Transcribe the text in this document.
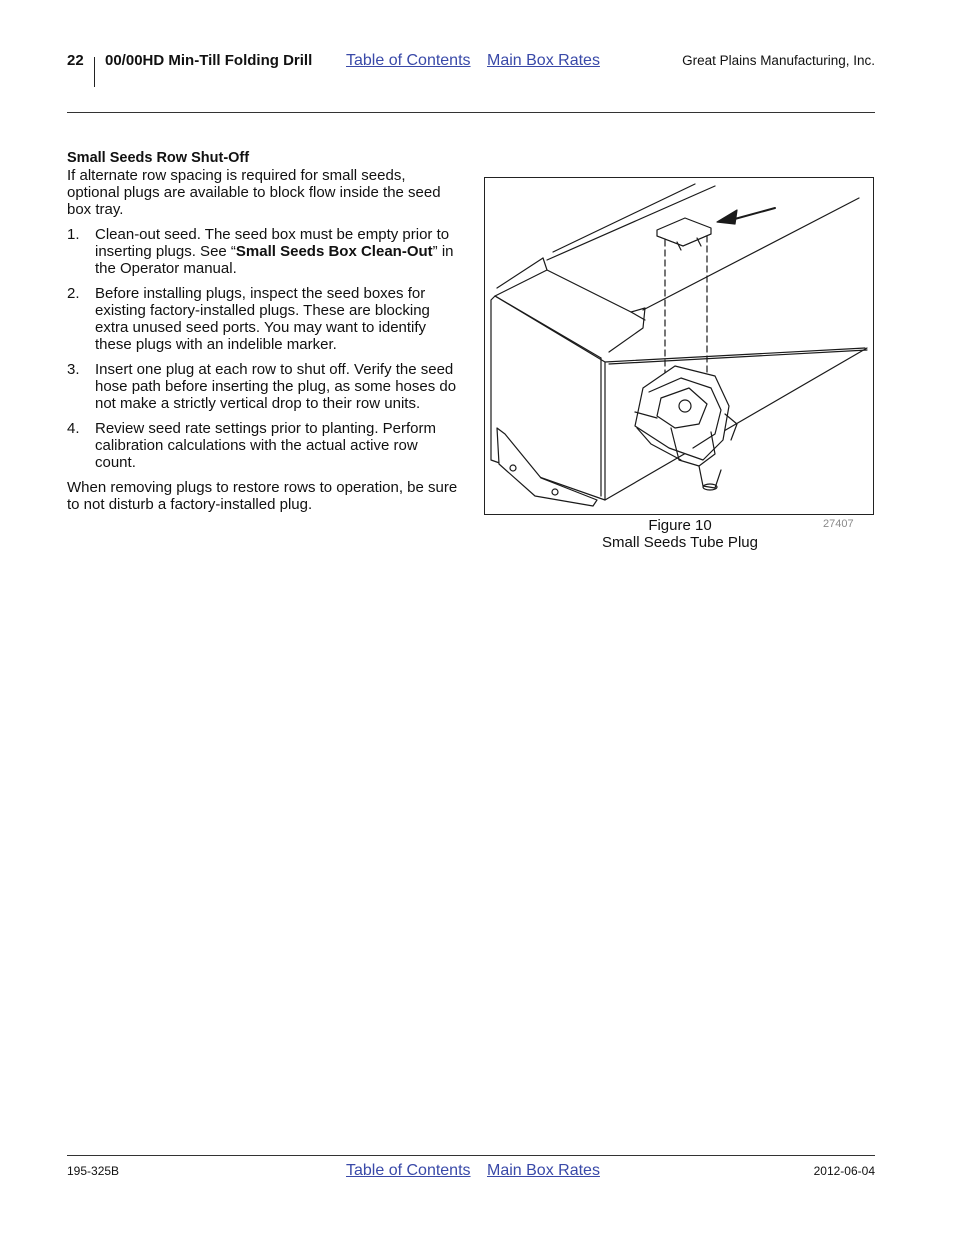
22 00/00HD Min-Till Folding Drill Table of Contents Main Box Rates	Great Plains Manufacturing, Inc.
Small Seeds Row Shut-Off

If alternate row spacing is required for small seeds, optional plugs are available to block flow inside the seed box tray.

1. Clean-out seed. The seed box must be empty prior to inserting plugs. See “Small Seeds Box Clean-Out” in the Operator manual.
2. Before installing plugs, inspect the seed boxes for existing factory-installed plugs. These are blocking extra unused seed ports. You may want to identify these plugs with an indelible marker.
3. Insert one plug at each row to shut off. Verify the seed hose path before inserting the plug, as some hoses do not make a strictly vertical drop to their row units.
4. Review seed rate settings prior to planting. Perform calibration calculations with the actual active row count.

When removing plugs to restore rows to operation, be sure to not disturb a factory-installed plug.

Figure 10
Small Seeds Tube Plug
27407
195-325B	Table of Contents Main Box Rates	2012-06-04
